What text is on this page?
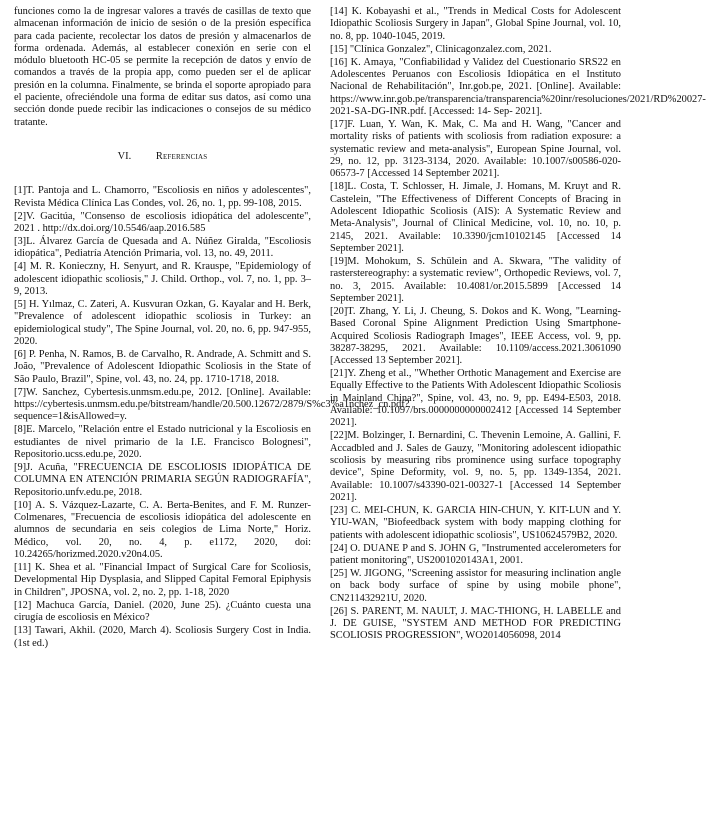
funciones como la de ingresar valores a través de casillas de texto que almacenan información de inicio de sesión o de la presión específica para cada paciente, recolectar los datos de presión y almacenarlos de forma ordenada. Además, al establecer conexión en serie con el módulo bluetooth HC-05 se permite la recepción de datos y envío de comandos a través de la propia app, como pueden ser el de aplicar presión en la columna. Finalmente, se brinda el soporte apropiado para el paciente, ofreciéndole una forma de editar sus datos, así como una sección donde puede recibir las indicaciones o consejos de su médico tratante.

VI. Referencias

[1]T. Pantoja and L. Chamorro, "Escoliosis en niños y adolescentes", Revista Médica Clínica Las Condes, vol. 26, no. 1, pp. 99-108, 2015.

[2]V. Gacitúa, "Consenso de escoliosis idiopática del adolescente", 2021 . http://dx.doi.org/10.5546/aap.2016.585

[3]L. Álvarez García de Quesada and A. Núñez Giralda, "Escoliosis idiopática", Pediatría Atención Primaria, vol. 13, no. 49, 2011.

[4] M. R. Konieczny, H. Senyurt, and R. Krauspe, "Epidemiology of adolescent idiopathic scoliosis," J. Child. Orthop., vol. 7, no. 1, pp. 3–9, 2013.

[5] H. Yılmaz, C. Zateri, A. Kusvuran Ozkan, G. Kayalar and H. Berk, "Prevalence of adolescent idiopathic scoliosis in Turkey: an epidemiological study", The Spine Journal, vol. 20, no. 6, pp. 947-955, 2020.

[6] P. Penha, N. Ramos, B. de Carvalho, R. Andrade, A. Schmitt and S. João, "Prevalence of Adolescent Idiopathic Scoliosis in the State of São Paulo, Brazil", Spine, vol. 43, no. 24, pp. 1710-1718, 2018.

[7]W. Sanchez, Cybertesis.unmsm.edu.pe, 2012. [Online]. Available: https://cybertesis.unmsm.edu.pe/bitstream/handle/20.500.12672/2879/S%c3%a1nchez_cn.pdf?sequence=1&isAllowed=y.

[8]E. Marcelo, "Relación entre el Estado nutricional y la Escoliosis en estudiantes de nivel primario de la I.E. Francisco Bolognesi", Repositorio.ucss.edu.pe, 2020.

[9]J. Acuña, "FRECUENCIA DE ESCOLIOSIS IDIOPÁTICA DE COLUMNA EN ATENCIÓN PRIMARIA SEGÚN RADIOGRAFÍA", Repositorio.unfv.edu.pe, 2018.

[10] A. S. Vázquez-Lazarte, C. A. Berta-Benites, and F. M. Runzer-Colmenares, "Frecuencia de escoliosis idiopática del adolescente en alumnos de secundaria en seis colegios de Lima Norte," Horiz. Médico, vol. 20, no. 4, p. e1172, 2020, doi: 10.24265/horizmed.2020.v20n4.05.

[11] K. Shea et al. "Financial Impact of Surgical Care for Scoliosis, Developmental Hip Dysplasia, and Slipped Capital Femoral Epiphysis in Children", JPOSNA, vol. 2, no. 2, pp. 1-18, 2020

[12] Machuca García, Daniel. (2020, June 25). ¿Cuánto cuesta una cirugía de escoliosis en México?

[13] Tawari, Akhil. (2020, March 4). Scoliosis Surgery Cost in India. (1st ed.)

[14] K. Kobayashi et al., "Trends in Medical Costs for Adolescent Idiopathic Scoliosis Surgery in Japan", Global Spine Journal, vol. 10, no. 8, pp. 1040-1045, 2019.

[15] "Clínica Gonzalez", Clinicagonzalez.com, 2021.

[16] K. Amaya, "Confiabilidad y Validez del Cuestionario SRS22 en Adolescentes Peruanos con Escoliosis Idiopática en el Instituto Nacional de Rehabilitación", Inr.gob.pe, 2021. [Online]. Available: https://www.inr.gob.pe/transparencia/transparencia%20inr/resoluciones/2021/RD%20027-2021-SA-DG-INR.pdf. [Accessed: 14- Sep- 2021].

[17]F. Luan, Y. Wan, K. Mak, C. Ma and H. Wang, "Cancer and mortality risks of patients with scoliosis from radiation exposure: a systematic review and meta-analysis", European Spine Journal, vol. 29, no. 12, pp. 3123-3134, 2020. Available: 10.1007/s00586-020-06573-7 [Accessed 14 September 2021].

[18]L. Costa, T. Schlosser, H. Jimale, J. Homans, M. Kruyt and R. Castelein, "The Effectiveness of Different Concepts of Bracing in Adolescent Idiopathic Scoliosis (AIS): A Systematic Review and Meta-Analysis", Journal of Clinical Medicine, vol. 10, no. 10, p. 2145, 2021. Available: 10.3390/jcm10102145 [Accessed 14 September 2021].

[19]M. Mohokum, S. Schülein and A. Skwara, "The validity of rasterstereography: a systematic review", Orthopedic Reviews, vol. 7, no. 3, 2015. Available: 10.4081/or.2015.5899 [Accessed 14 September 2021].

[20]T. Zhang, Y. Li, J. Cheung, S. Dokos and K. Wong, "Learning-Based Coronal Spine Alignment Prediction Using Smartphone-Acquired Scoliosis Radiograph Images", IEEE Access, vol. 9, pp. 38287-38295, 2021. Available: 10.1109/access.2021.3061090 [Accessed 13 September 2021].

[21]Y. Zheng et al., "Whether Orthotic Management and Exercise are Equally Effective to the Patients With Adolescent Idiopathic Scoliosis in Mainland China?", Spine, vol. 43, no. 9, pp. E494-E503, 2018. Available: 10.1097/brs.0000000000002412 [Accessed 14 September 2021].

[22]M. Bolzinger, I. Bernardini, C. Thevenin Lemoine, A. Gallini, F. Accadbled and J. Sales de Gauzy, "Monitoring adolescent idiopathic scoliosis by measuring ribs prominence using surface topography device", Spine Deformity, vol. 9, no. 5, pp. 1349-1354, 2021. Available: 10.1007/s43390-021-00327-1 [Accessed 14 September 2021].

[23] C. MEI-CHUN, K. GARCIA HIN-CHUN, Y. KIT-LUN and Y. YIU-WAN, "Biofeedback system with body mapping clothing for patients with adolescent idiopathic scoliosis", US10624579B2, 2020.

[24] O. DUANE P and S. JOHN G, "Instrumented accelerometers for patient monitoring", US2001020143A1, 2001.

[25] W. JIGONG, "Screening assistor for measuring inclination angle on back body surface of spine by using mobile phone", CN211432921U, 2020.

[26] S. PARENT, M. NAULT, J. MAC-THIONG, H. LABELLE and J. DE GUISE, "SYSTEM AND METHOD FOR PREDICTING SCOLIOSIS PROGRESSION", WO2014056098, 2014
